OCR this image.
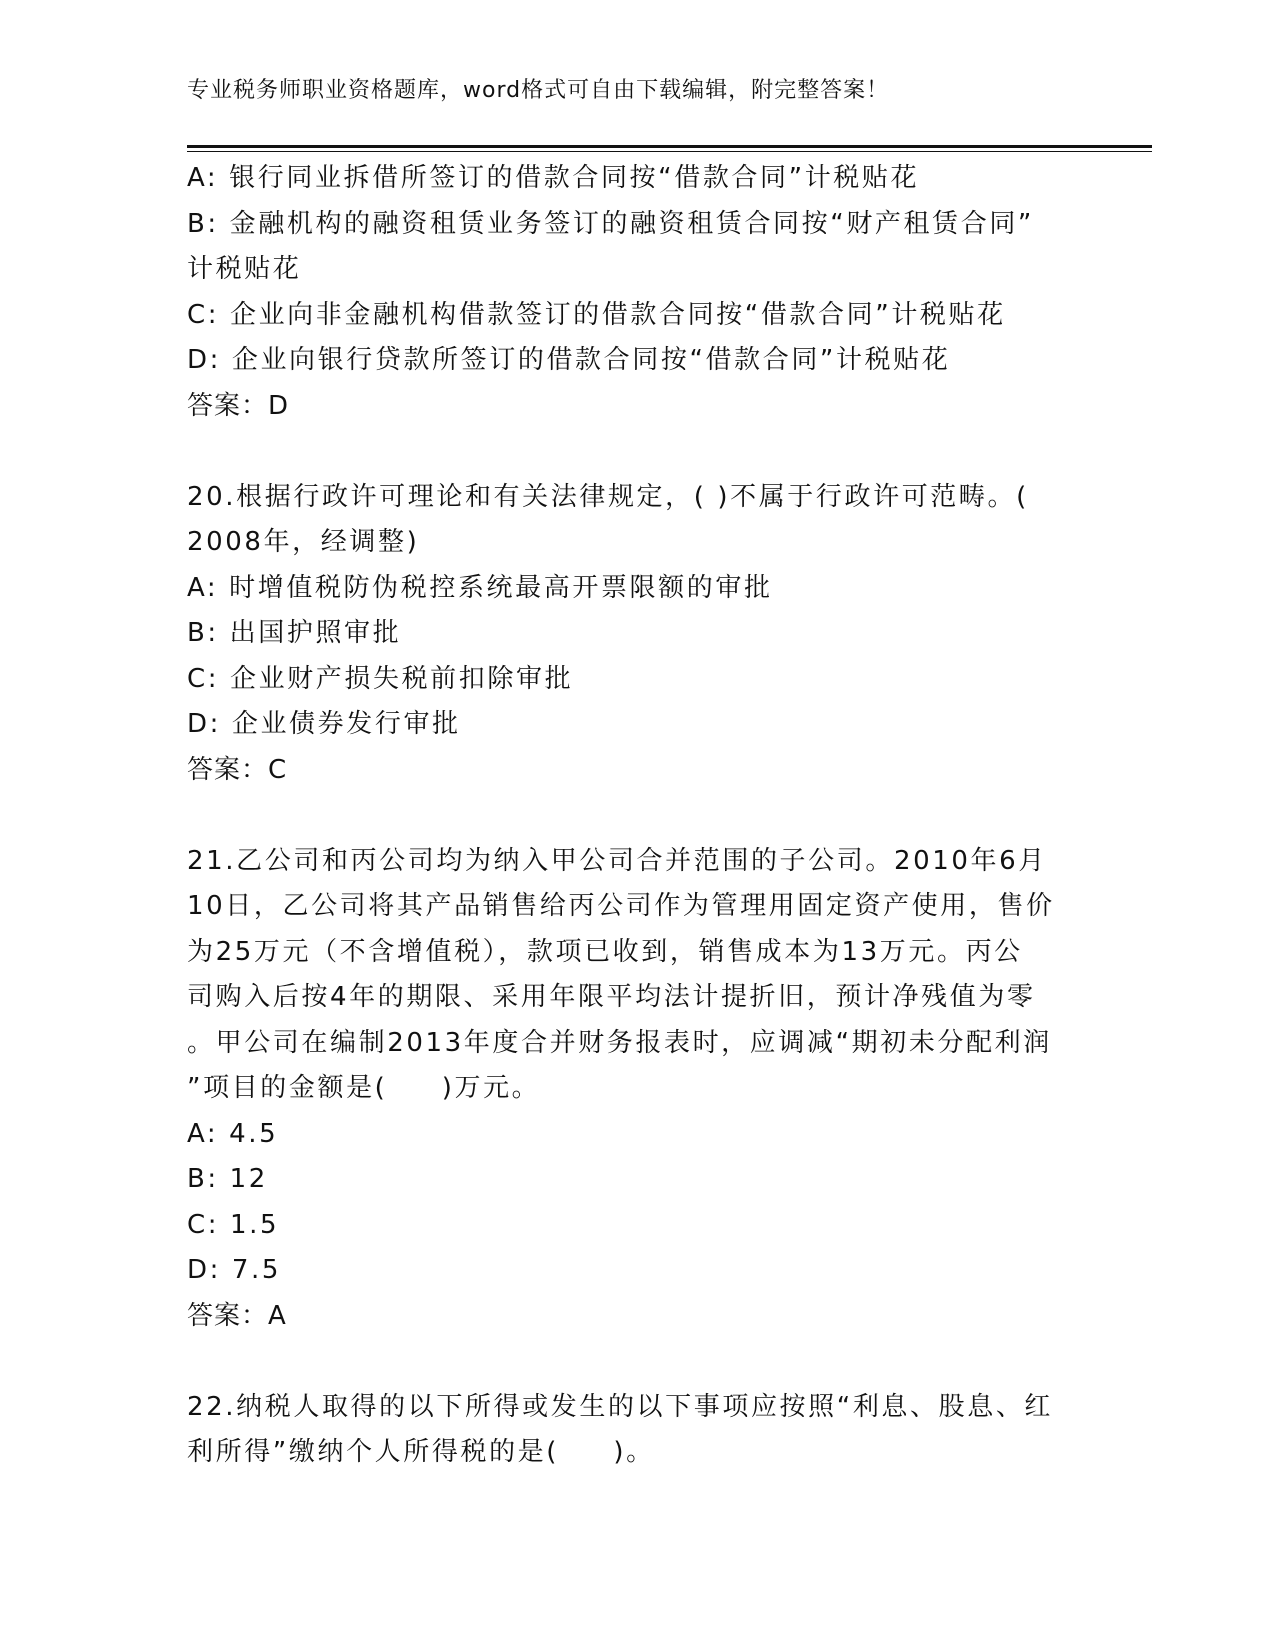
专业税务师职业资格题库，word格式可自由下载编辑，附完整答案！
A: 银行同业拆借所签订的借款合同按“借款合同”计税贴花
B: 金融机构的融资租赁业务签订的融资租赁合同按“财产租赁合同”
计税贴花
C: 企业向非金融机构借款签订的借款合同按“借款合同”计税贴花
D: 企业向银行贷款所签订的借款合同按“借款合同”计税贴花
答案：D
20.根据行政许可理论和有关法律规定，( )不属于行政许可范畴。(
2008年，经调整)
A: 时增值税防伪税控系统最高开票限额的审批
B: 出国护照审批
C: 企业财产损失税前扣除审批
D: 企业债券发行审批
答案：C
21.乙公司和丙公司均为纳入甲公司合并范围的子公司。2010年6月
10日，乙公司将其产品销售给丙公司作为管理用固定资产使用，售价
为25万元（不含增值税），款项已收到，销售成本为13万元。丙公
司购入后按4年的期限、采用年限平均法计提折旧，预计净残值为零
。甲公司在编制2013年度合并财务报表时，应调减“期初未分配利润
”项目的金额是(     )万元。
A: 4.5
B: 12
C: 1.5
D: 7.5
答案：A
22.纳税人取得的以下所得或发生的以下事项应按照“利息、股息、红
利所得”缴纳个人所得税的是(     )。
